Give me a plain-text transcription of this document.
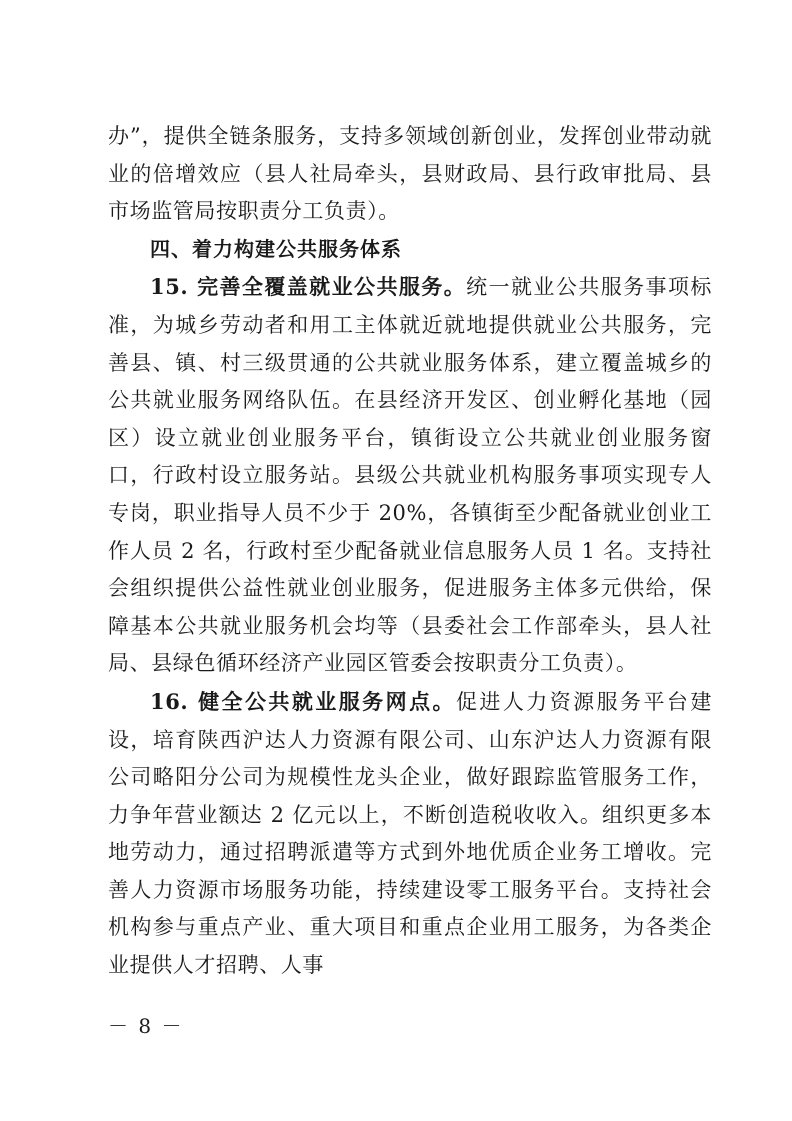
办”，提供全链条服务，支持多领域创新创业，发挥创业带动就业的倍增效应（县人社局牵头，县财政局、县行政审批局、县市场监管局按职责分工负责）。

四、着力构建公共服务体系

15. 完善全覆盖就业公共服务。统一就业公共服务事项标准，为城乡劳动者和用工主体就近就地提供就业公共服务，完善县、镇、村三级贯通的公共就业服务体系，建立覆盖城乡的公共就业服务网络队伍。在县经济开发区、创业孵化基地（园区）设立就业创业服务平台，镇街设立公共就业创业服务窗口，行政村设立服务站。县级公共就业机构服务事项实现专人专岗，职业指导人员不少于 20%，各镇街至少配备就业创业工作人员 2 名，行政村至少配备就业信息服务人员 1 名。支持社会组织提供公益性就业创业服务，促进服务主体多元供给，保障基本公共就业服务机会均等（县委社会工作部牵头，县人社局、县绿色循环经济产业园区管委会按职责分工负责）。

16. 健全公共就业服务网点。促进人力资源服务平台建设，培育陕西沪达人力资源有限公司、山东沪达人力资源有限公司略阳分公司为规模性龙头企业，做好跟踪监管服务工作，力争年营业额达 2 亿元以上，不断创造税收收入。组织更多本地劳动力，通过招聘派遣等方式到外地优质企业务工增收。完善人力资源市场服务功能，持续建设零工服务平台。支持社会机构参与重点产业、重大项目和重点企业用工服务，为各类企业提供人才招聘、人事

－ 8 －
